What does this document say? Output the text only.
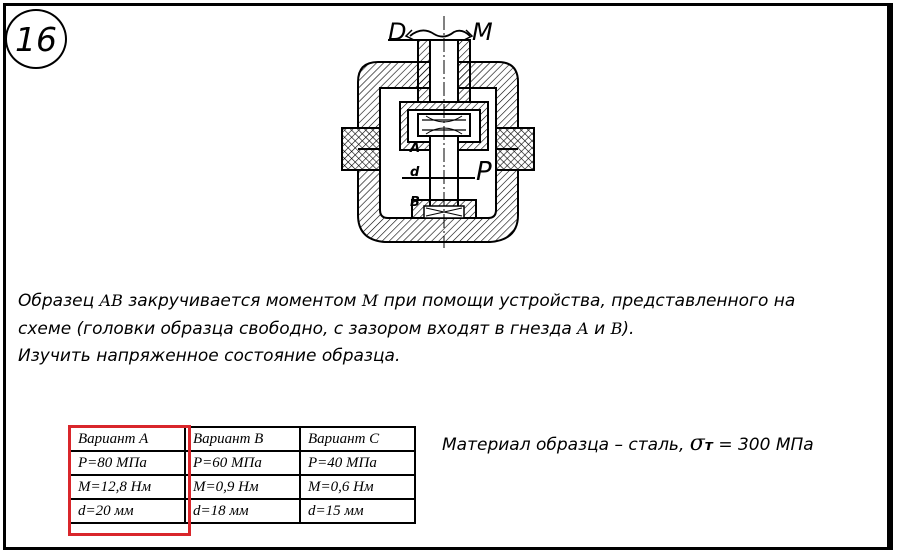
16	D	M
A
d
B
P
Образец AB закручивается моментом M при помощи устройства, представленного на
схеме (головки образца свободно, с зазором входят в гнезда A и B).
Изучить напряженное состояние образца.
Вариант А	Вариант В	Вариант С
P=80 МПа	P=60 МПа	P=40 МПа
M=12,8 Нм	M=0,9 Нм	M=0,6 Нм
d=20 мм	d=18 мм	d=15 мм
Материал образца – сталь, σт = 300 МПа
